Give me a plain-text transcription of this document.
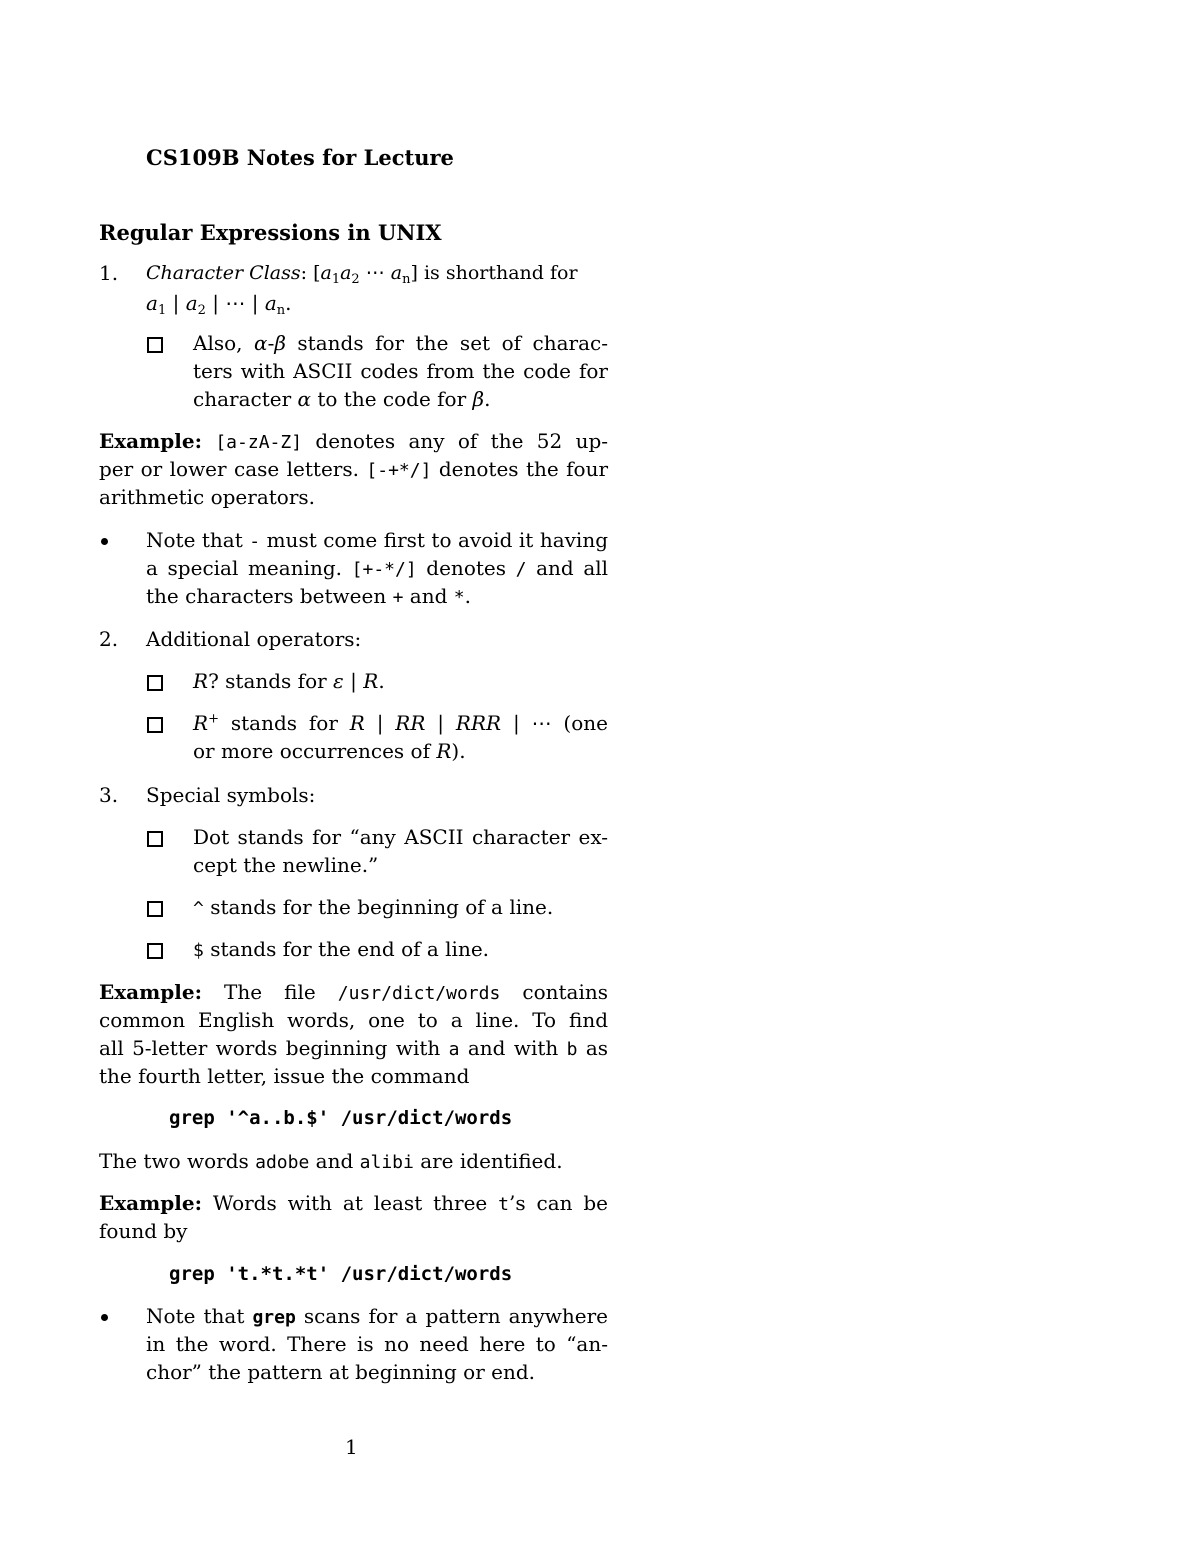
CS109B Notes for Lecture
Regular Expressions in UNIX
1. Character Class: [$a_1a_2$ ⋯ $a_n$] is shorthand for
$a_1$ | $a_2$ | ⋯ | $a_n$.
Also, α-β stands for the set of charac-
ters with ASCII codes from the code for
character α to the code for β.
Example: [a-zA-Z] denotes any of the 52 up-
per or lower case letters. [-+*/] denotes the four
arithmetic operators.
Note that - must come first to avoid it having
a special meaning. [+-*/] denotes / and all
the characters between + and *.
2. Additional operators:
R? stands for ε | R.
R+ stands for R | RR | RRR | ⋯ (one
or more occurrences of R).
3. Special symbols:
Dot stands for “any ASCII character ex-
cept the newline.”
^ stands for the beginning of a line.
$ stands for the end of a line.
Example: The file /usr/dict/words contains
common English words, one to a line. To find
all 5-letter words beginning with a and with b as
the fourth letter, issue the command
grep '^a..b.$' /usr/dict/words
The two words adobe and alibi are identified.
Example: Words with at least three t’s can be
found by
grep 't.*t.*t' /usr/dict/words
Note that grep scans for a pattern anywhere
in the word. There is no need here to “an-
chor” the pattern at beginning or end.
1
